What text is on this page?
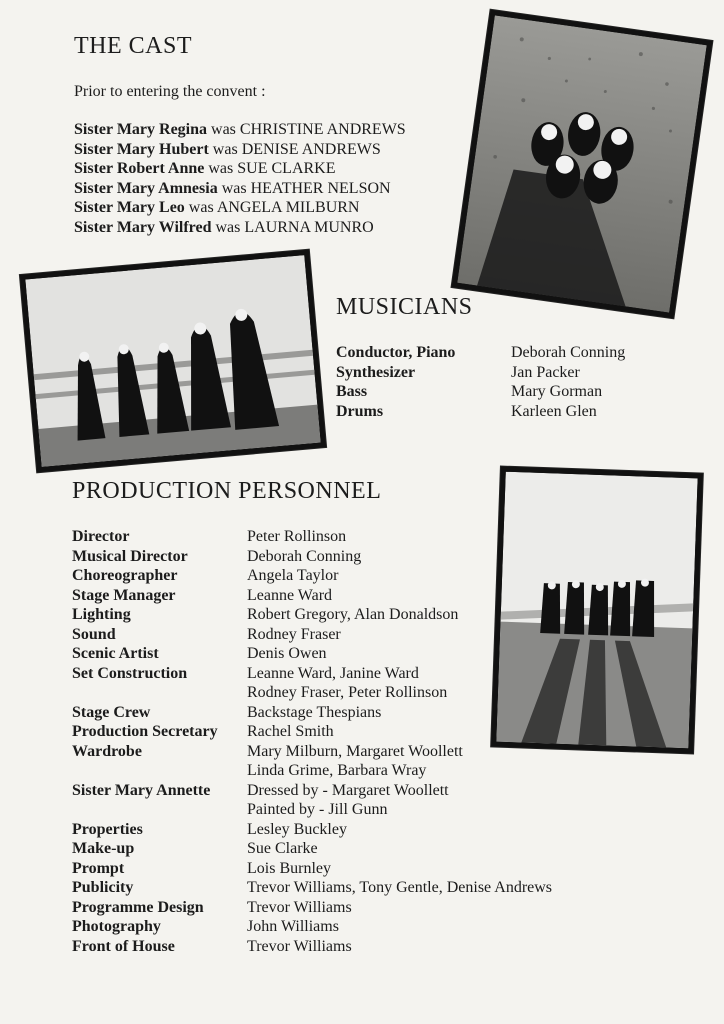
THE CAST
Prior to entering the convent :
Sister Mary Regina was CHRISTINE ANDREWS
Sister Mary Hubert was DENISE ANDREWS
Sister Robert Anne was SUE CLARKE
Sister Mary Amnesia was HEATHER NELSON
Sister Mary Leo was ANGELA MILBURN
Sister Mary Wilfred was LAURNA MUNRO
MUSICIANS
Conductor, Piano	Deborah Conning
Synthesizer	Jan Packer
Bass	Mary Gorman
Drums	Karleen Glen
PRODUCTION PERSONNEL
Director	Peter Rollinson
Musical Director	Deborah Conning
Choreographer	Angela Taylor
Stage Manager	Leanne Ward
Lighting	Robert Gregory, Alan Donaldson
Sound	Rodney Fraser
Scenic Artist	Denis Owen
Set Construction	Leanne Ward, Janine Ward
Rodney Fraser, Peter Rollinson
Stage Crew	Backstage Thespians
Production Secretary	Rachel Smith
Wardrobe	Mary Milburn, Margaret Woollett
Linda Grime, Barbara Wray
Sister Mary Annette	Dressed by - Margaret Woollett
Painted by - Jill Gunn
Properties	Lesley Buckley
Make-up	Sue Clarke
Prompt	Lois Burnley
Publicity	Trevor Williams, Tony Gentle, Denise Andrews
Programme Design	Trevor Williams
Photography	John Williams
Front of House	Trevor Williams
